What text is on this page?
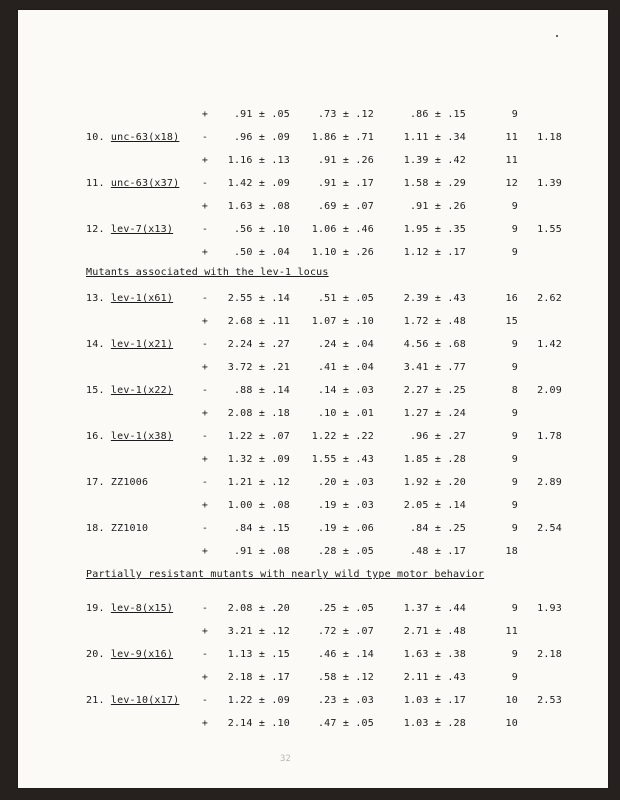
+	.91 ± .05	.73 ± .12	.86 ± .15	9
10. unc-63(x18) -	.96 ± .09	1.86 ± .71	1.11 ± .34	11	1.18
+	1.16 ± .13	.91 ± .26	1.39 ± .42	11
11. unc-63(x37) -	1.42 ± .09	.91 ± .17	1.58 ± .29	12	1.39
+	1.63 ± .08	.69 ± .07	.91 ± .26	9
12. lev-7(x13)	-	.56 ± .10	1.06 ± .46	1.95 ± .35	9	1.55
+	.50 ± .04	1.10 ± .26	1.12 ± .17	9
13. lev-1(x61)	-	2.55 ± .14	.51 ± .05	2.39 ± .43	16	2.62
+	2.68 ± .11	1.07 ± .10	1.72 ± .48	15
14. lev-1(x21)	-	2.24 ± .27	.24 ± .04	4.56 ± .68	9	1.42
+	3.72 ± .21	.41 ± .04	3.41 ± .77	9
15. lev-1(x22)	-	.88 ± .14	.14 ± .03	2.27 ± .25	8	2.09
+	2.08 ± .18	.10 ± .01	1.27 ± .24	9
16. lev-1(x38)	-	1.22 ± .07	1.22 ± .22	.96 ± .27	9	1.78
+	1.32 ± .09	1.55 ± .43	1.85 ± .28	9
17. ZZ1006	-	1.21 ± .12	.20 ± .03	1.92 ± .20	9	2.89
+	1.00 ± .08	.19 ± .03	2.05 ± .14	9
18. ZZ1010	-	.84 ± .15	.19 ± .06	.84 ± .25	9	2.54
+	.91 ± .08	.28 ± .05	.48 ± .17	18
19. lev-8(x15)	-	2.08 ± .20	.25 ± .05	1.37 ± .44	9	1.93
+	3.21 ± .12	.72 ± .07	2.71 ± .48	11
20. lev-9(x16)	-	1.13 ± .15	.46 ± .14	1.63 ± .38	9	2.18
+	2.18 ± .17	.58 ± .12	2.11 ± .43	9
21. lev-10(x17) -	1.22 ± .09	.23 ± .03	1.03 ± .17	10	2.53
+	2.14 ± .10	.47 ± .05	1.03 ± .28	10
Mutants associated with the lev-1 locus
Partially resistant mutants with nearly wild type motor behavior
32
